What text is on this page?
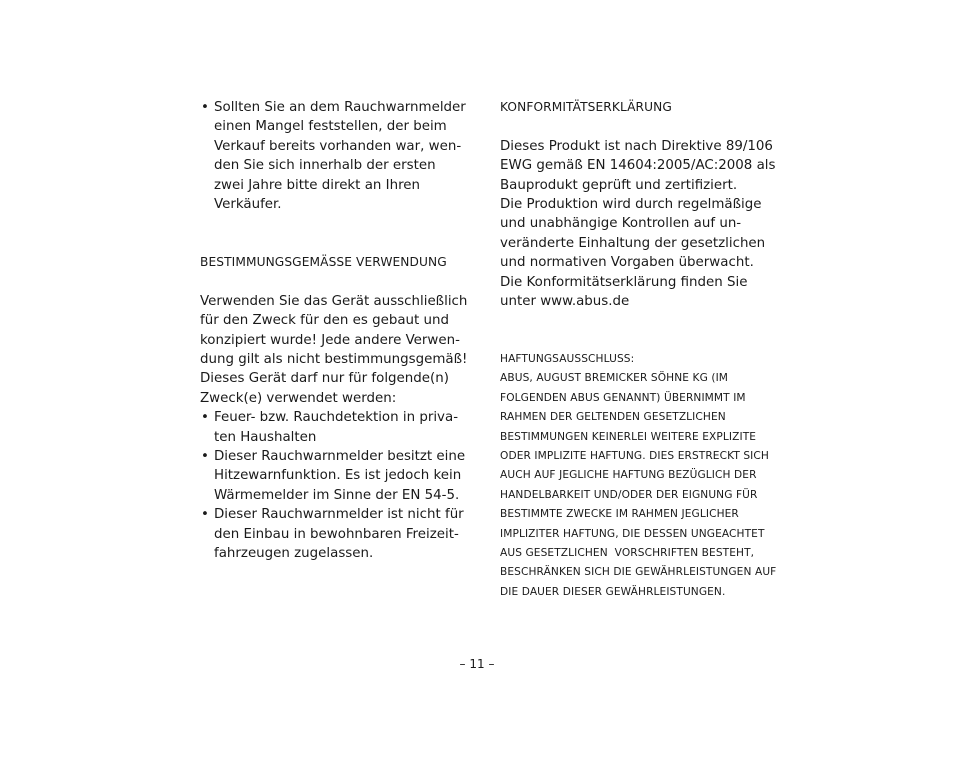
• Sollten Sie an dem Rauchwarnmelder
einen Mangel feststellen, der beim
Verkauf bereits vorhanden war, wen-
den Sie sich innerhalb der ersten
zwei Jahre bitte direkt an Ihren
Verkäufer.
BESTIMMUNGSGEMÄSSE VERWENDUNG
Verwenden Sie das Gerät ausschließlich
für den Zweck für den es gebaut und
konzipiert wurde! Jede andere Verwen-
dung gilt als nicht bestimmungsgemäß!
Dieses Gerät darf nur für folgende(n)
Zweck(e) verwendet werden:
• Feuer- bzw. Rauchdetektion in priva-
ten Haushalten
• Dieser Rauchwarnmelder besitzt eine
Hitzewarnfunktion. Es ist jedoch kein
Wärmemelder im Sinne der EN 54-5.
• Dieser Rauchwarnmelder ist nicht für
den Einbau in bewohnbaren Freizeit-
fahrzeugen zugelassen.
KONFORMITÄTSERKLÄRUNG
Dieses Produkt ist nach Direktive 89/106
EWG gemäß EN 14604:2005/AC:2008 als
Bauprodukt geprüft und zertifiziert.
Die Produktion wird durch regelmäßige
und unabhängige Kontrollen auf un-
veränderte Einhaltung der gesetzlichen
und normativen Vorgaben überwacht.
Die Konformitätserklärung finden Sie
unter www.abus.de
HAFTUNGSAUSSCHLUSS:
ABUS, AUGUST BREMICKER SÖHNE KG (IM
FOLGENDEN ABUS GENANNT) ÜBERNIMMT IM
RAHMEN DER GELTENDEN GESETZLICHEN
BESTIMMUNGEN KEINERLEI WEITERE EXPLIZITE
ODER IMPLIZITE HAFTUNG. DIES ERSTRECKT SICH
AUCH AUF JEGLICHE HAFTUNG BEZÜGLICH DER
HANDELBARKEIT UND/ODER DER EIGNUNG FÜR
BESTIMMTE ZWECKE IM RAHMEN JEGLICHER
IMPLIZITER HAFTUNG, DIE DESSEN UNGEACHTET
AUS GESETZLICHEN  VORSCHRIFTEN BESTEHT,
BESCHRÄNKEN SICH DIE GEWÄHRLEISTUNGEN AUF
DIE DAUER DIESER GEWÄHRLEISTUNGEN.
– 11 –
